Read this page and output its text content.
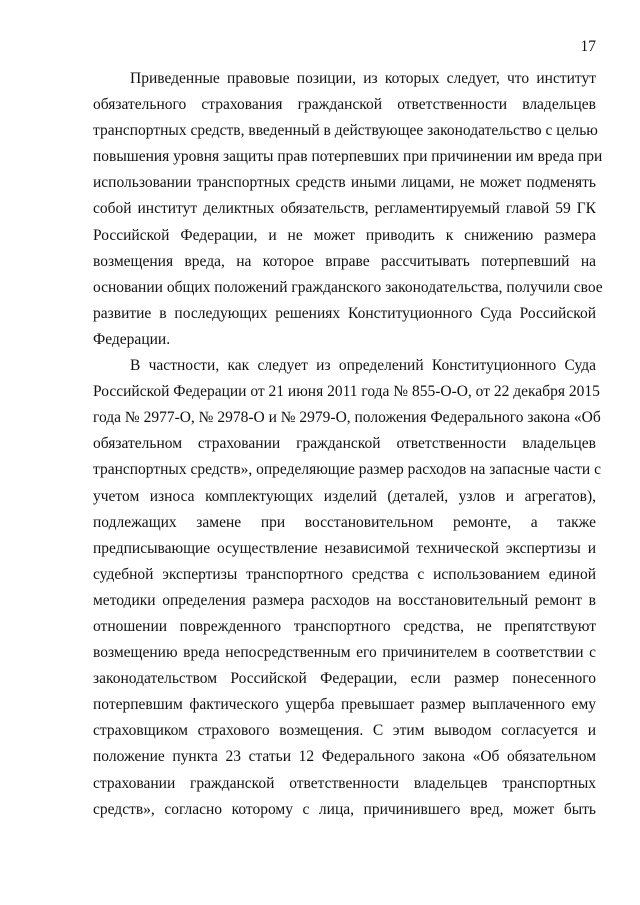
17
Приведенные правовые позиции, из которых следует, что институт
обязательного страхования гражданской ответственности владельцев
транспортных средств, введенный в действующее законодательство с целью
повышения уровня защиты прав потерпевших при причинении им вреда при
использовании транспортных средств иными лицами, не может подменять
собой институт деликтных обязательств, регламентируемый главой 59 ГК
Российской Федерации, и не может приводить к снижению размера
возмещения вреда, на которое вправе рассчитывать потерпевший на
основании общих положений гражданского законодательства, получили свое
развитие в последующих решениях Конституционного Суда Российской
Федерации.
В частности, как следует из определений Конституционного Суда
Российской Федерации от 21 июня 2011 года № 855-О-О, от 22 декабря 2015
года № 2977-О, № 2978-О и № 2979-О, положения Федерального закона «Об
обязательном страховании гражданской ответственности владельцев
транспортных средств», определяющие размер расходов на запасные части с
учетом износа комплектующих изделий (деталей, узлов и агрегатов),
подлежащих замене при восстановительном ремонте, а также
предписывающие осуществление независимой технической экспертизы и
судебной экспертизы транспортного средства с использованием единой
методики определения размера расходов на восстановительный ремонт в
отношении поврежденного транспортного средства, не препятствуют
возмещению вреда непосредственным его причинителем в соответствии с
законодательством Российской Федерации, если размер понесенного
потерпевшим фактического ущерба превышает размер выплаченного ему
страховщиком страхового возмещения. С этим выводом согласуется и
положение пункта 23 статьи 12 Федерального закона «Об обязательном
страховании гражданской ответственности владельцев транспортных
средств», согласно которому с лица, причинившего вред, может быть
